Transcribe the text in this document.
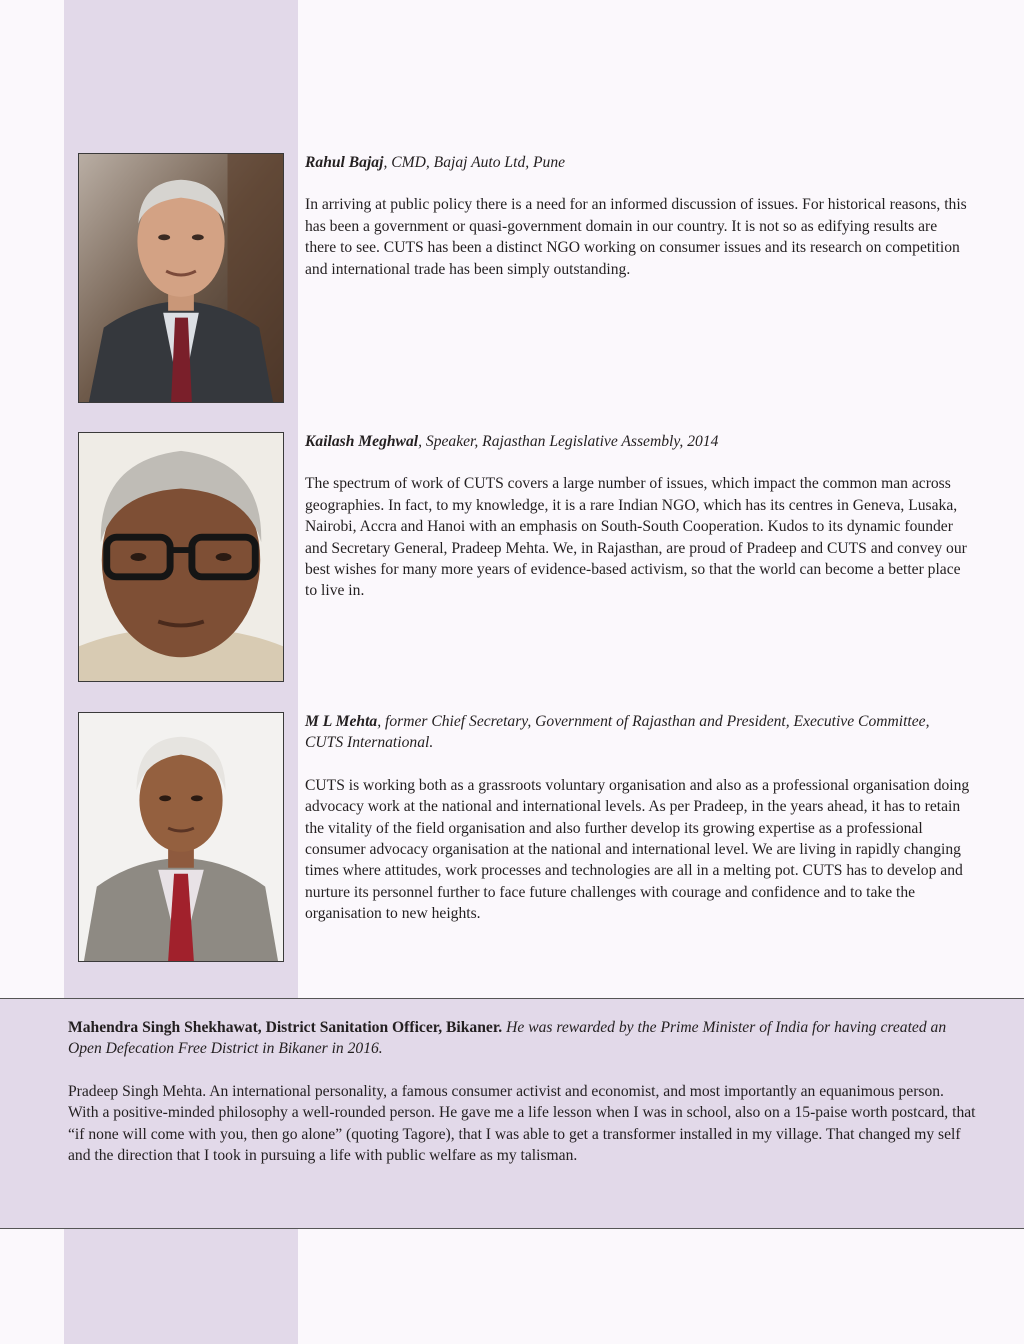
Rahul Bajaj, CMD, Bajaj Auto Ltd, Pune

In arriving at public policy there is a need for an informed discussion of issues. For historical reasons, this has been a government or quasi-government domain in our country. It is not so as edifying results are there to see. CUTS has been a distinct NGO working on consumer issues and its research on competition and international trade has been simply outstanding.

Kailash Meghwal, Speaker, Rajasthan Legislative Assembly, 2014

The spectrum of work of CUTS covers a large number of issues, which impact the common man across geographies. In fact, to my knowledge, it is a rare Indian NGO, which has its centres in Geneva, Lusaka, Nairobi, Accra and Hanoi with an emphasis on South-South Cooperation. Kudos to its dynamic founder and Secretary General, Pradeep Mehta. We, in Rajasthan, are proud of Pradeep and CUTS and convey our best wishes for many more years of evidence-based activism, so that the world can become a better place to live in.

M L Mehta, former Chief Secretary, Government of Rajasthan and President, Executive Committee, CUTS International.

CUTS is working both as a grassroots voluntary organisation and also as a professional organisation doing advocacy work at the national and international levels. As per Pradeep, in the years ahead, it has to retain the vitality of the field organisation and also further develop its growing expertise as a professional consumer advocacy organisation at the national and international level. We are living in rapidly changing times where attitudes, work processes and technologies are all in a melting pot. CUTS has to develop and nurture its personnel further to face future challenges with courage and confidence and to take the organisation to new heights.

Mahendra Singh Shekhawat, District Sanitation Officer, Bikaner. He was rewarded by the Prime Minister of India for having created an Open Defecation Free District in Bikaner in 2016.

Pradeep Singh Mehta. An international personality, a famous consumer activist and economist, and most importantly an equanimous person. With a positive-minded philosophy a well-rounded person. He gave me a life lesson when I was in school, also on a 15-paise worth postcard, that “if none will come with you, then go alone” (quoting Tagore), that I was able to get a transformer installed in my village. That changed my self and the direction that I took in pursuing a life with public welfare as my talisman.
